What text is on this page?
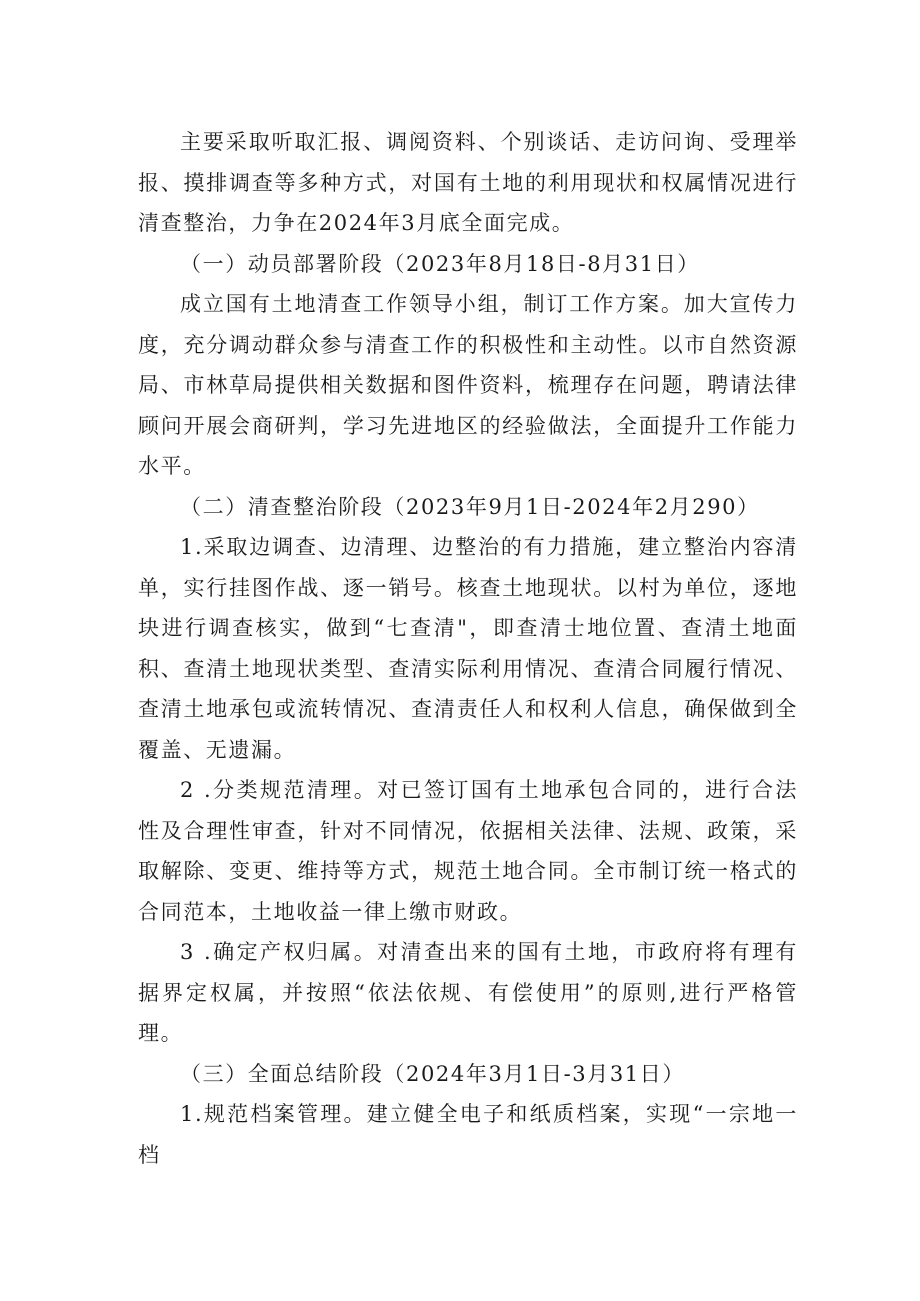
主要采取听取汇报、调阅资料、个别谈话、走访问询、受理举报、摸排调查等多种方式，对国有土地的利用现状和权属情况进行清查整治，力争在2024年3月底全面完成。

（一）动员部署阶段（2023年8月18日-8月31日）

成立国有土地清查工作领导小组，制订工作方案。加大宣传力度，充分调动群众参与清查工作的积极性和主动性。以市自然资源局、市林草局提供相关数据和图件资料，梳理存在问题，聘请法律顾问开展会商研判，学习先进地区的经验做法，全面提升工作能力水平。

（二）清查整治阶段（2023年9月1日-2024年2月290）

1.采取边调查、边清理、边整治的有力措施，建立整治内容清单，实行挂图作战、逐一销号。核查土地现状。以村为单位，逐地块进行调查核实，做到“七查清"，即查清士地位置、查清土地面积、查清土地现状类型、查清实际利用情况、查清合同履行情况、查清土地承包或流转情况、查清责任人和权利人信息，确保做到全覆盖、无遗漏。

2 .分类规范清理。对已签订国有土地承包合同的，进行合法性及合理性审查，针对不同情况，依据相关法律、法规、政策，采取解除、变更、维持等方式，规范土地合同。全市制订统一格式的合同范本，土地收益一律上缴市财政。

3 .确定产权归属。对清查出来的国有土地，市政府将有理有据界定权属，并按照“依法依规、有偿使用”的原则,进行严格管理。

（三）全面总结阶段（2024年3月1日-3月31日）

1.规范档案管理。建立健全电子和纸质档案，实现“一宗地一档
